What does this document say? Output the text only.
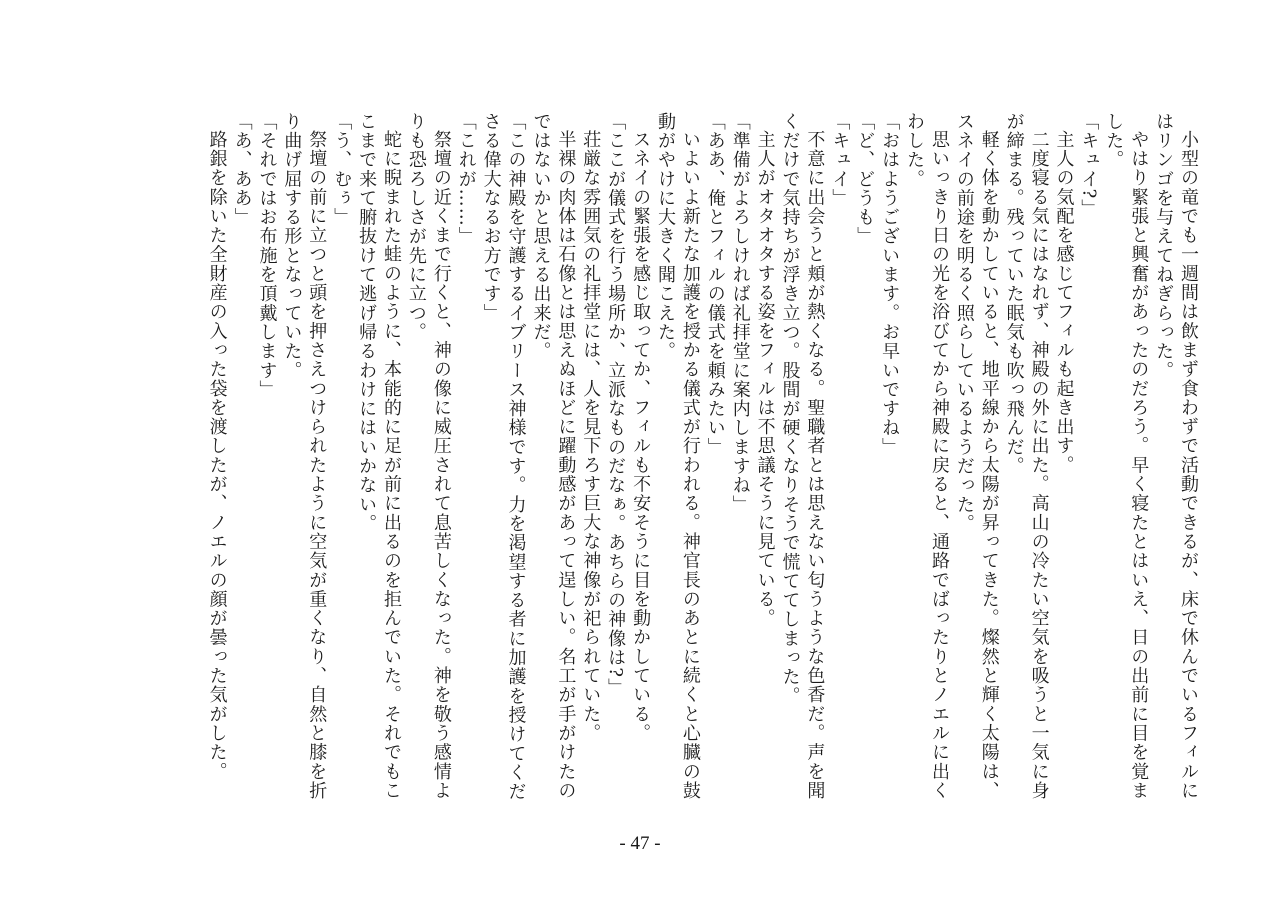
小型の竜でも一週間は飲まず食わずで活動できるが、床で休んでいるフィルにはリンゴを与えてねぎらった。

やはり緊張と興奮があったのだろう。早く寝たとはいえ、日の出前に目を覚ました。

「キュイ?」

主人の気配を感じてフィルも起き出す。

二度寝る気にはなれず、神殿の外に出た。高山の冷たい空気を吸うと一気に身が締まる。残っていた眠気も吹っ飛んだ。

軽く体を動かしていると、地平線から太陽が昇ってきた。燦然と輝く太陽は、スネイの前途を明るく照らしているようだった。

思いっきり日の光を浴びてから神殿に戻ると、通路でばったりとノエルに出くわした。

「おはようございます。お早いですね」

「ど、どうも」

「キュイ」

不意に出会うと頬が熱くなる。聖職者とは思えない匂うような色香だ。声を聞くだけで気持ちが浮き立つ。股間が硬くなりそうで慌ててしまった。

主人がオタオタする姿をフィルは不思議そうに見ている。

「準備がよろしければ礼拝堂に案内しますね」

「ああ、俺とフィルの儀式を頼みたい」

いよいよ新たな加護を授かる儀式が行われる。神官長のあとに続くと心臓の鼓動がやけに大きく聞こえた。

スネイの緊張を感じ取ってか、フィルも不安そうに目を動かしている。

「ここが儀式を行う場所か、立派なものだなぁ。あちらの神像は?」

荘厳な雰囲気の礼拝堂には、人を見下ろす巨大な神像が祀られていた。

半裸の肉体は石像とは思えぬほどに躍動感があって逞しい。名工が手がけたのではないかと思える出来だ。

「この神殿を守護するイブリース神様です。力を渇望する者に加護を授けてくださる偉大なるお方です」

「これが……」

祭壇の近くまで行くと、神の像に威圧されて息苦しくなった。神を敬う感情よりも恐ろしさが先に立つ。

蛇に睨まれた蛙のように、本能的に足が前に出るのを拒んでいた。それでもここまで来て腑抜けて逃げ帰るわけにはいかない。

「う、むぅ」

祭壇の前に立つと頭を押さえつけられたように空気が重くなり、自然と膝を折り曲げ屈する形となっていた。

「それではお布施を頂戴します」

「あ、ああ」

路銀を除いた全財産の入った袋を渡したが、ノエルの顔が曇った気がした。

- 47 -
